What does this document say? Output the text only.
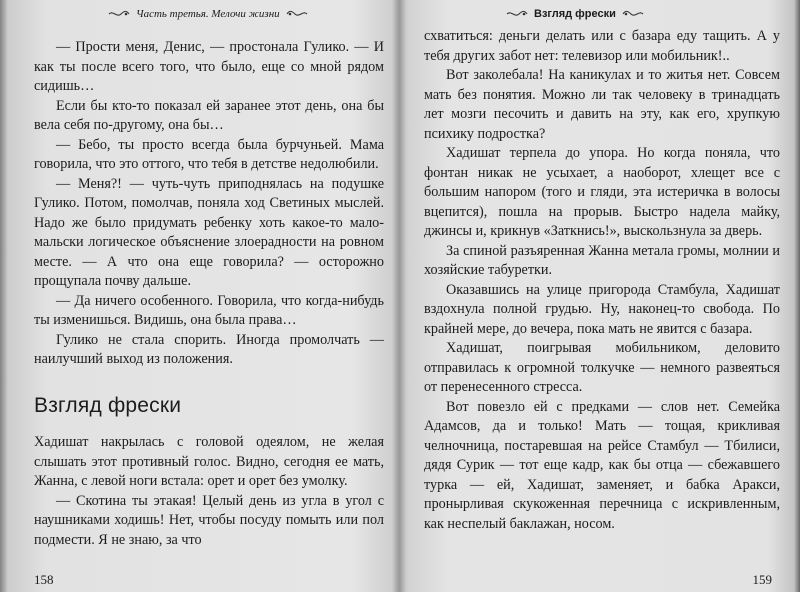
Часть третья. Мелочи жизни

— Прости меня, Денис, — простонала Гулико. — И как ты после всего того, что было, еще со мной рядом сидишь…

Если бы кто-то показал ей заранее этот день, она бы вела себя по-другому, она бы…

— Бебо, ты просто всегда была бурчуньей. Мама говорила, что это оттого, что тебя в детстве недолюбили.

— Меня?! — чуть-чуть приподнялась на подушке Гулико. Потом, помолчав, поняла ход Светиных мыслей. Надо же было придумать ребенку хоть какое-то мало-мальски логическое объяснение злоерадности на ровном месте. — А что она еще говорила? — осторожно прощупала почву дальше.

— Да ничего особенного. Говорила, что когда-нибудь ты изменишься. Видишь, она была права…

Гулико не стала спорить. Иногда промолчать — наилучший выход из положения.

Взгляд фрески

Хадишат накрылась с головой одеялом, не желая слышать этот противный голос. Видно, сегодня ее мать, Жанна, с левой ноги встала: орет и орет без умолку.

— Скотина ты этакая! Целый день из угла в угол с наушниками ходишь! Нет, чтобы посуду помыть или пол подмести. Я не знаю, за что

158
Взгляд фрески

схватиться: деньги делать или с базара еду тащить. А у тебя других забот нет: телевизор или мобильник!..

Вот заколебала! На каникулах и то житья нет. Совсем мать без понятия. Можно ли так человеку в тринадцать лет мозги песочить и давить на эту, как его, хрупкую психику подростка?

Хадишат терпела до упора. Но когда поняла, что фонтан никак не усыхает, а наоборот, хлещет все с большим напором (того и гляди, эта истеричка в волосы вцепится), пошла на прорыв. Быстро надела майку, джинсы и, крикнув «Заткнись!», выскользнула за дверь.

За спиной разъяренная Жанна метала громы, молнии и хозяйские табуретки.

Оказавшись на улице пригорода Стамбула, Хадишат вздохнула полной грудью. Ну, наконец-то свобода. По крайней мере, до вечера, пока мать не явится с базара.

Хадишат, поигрывая мобильником, деловито отправилась к огромной толкучке — немного развеяться от перенесенного стресса.

Вот повезло ей с предками — слов нет. Семейка Адамсов, да и только! Мать — тощая, крикливая челночница, постаревшая на рейсе Стамбул — Тбилиси, дядя Сурик — тот еще кадр, как бы отца — сбежавшего турка — ей, Хадишат, заменяет, и бабка Аракси, пронырливая скукоженная перечница с искривленным, как неспелый баклажан, носом.

159
